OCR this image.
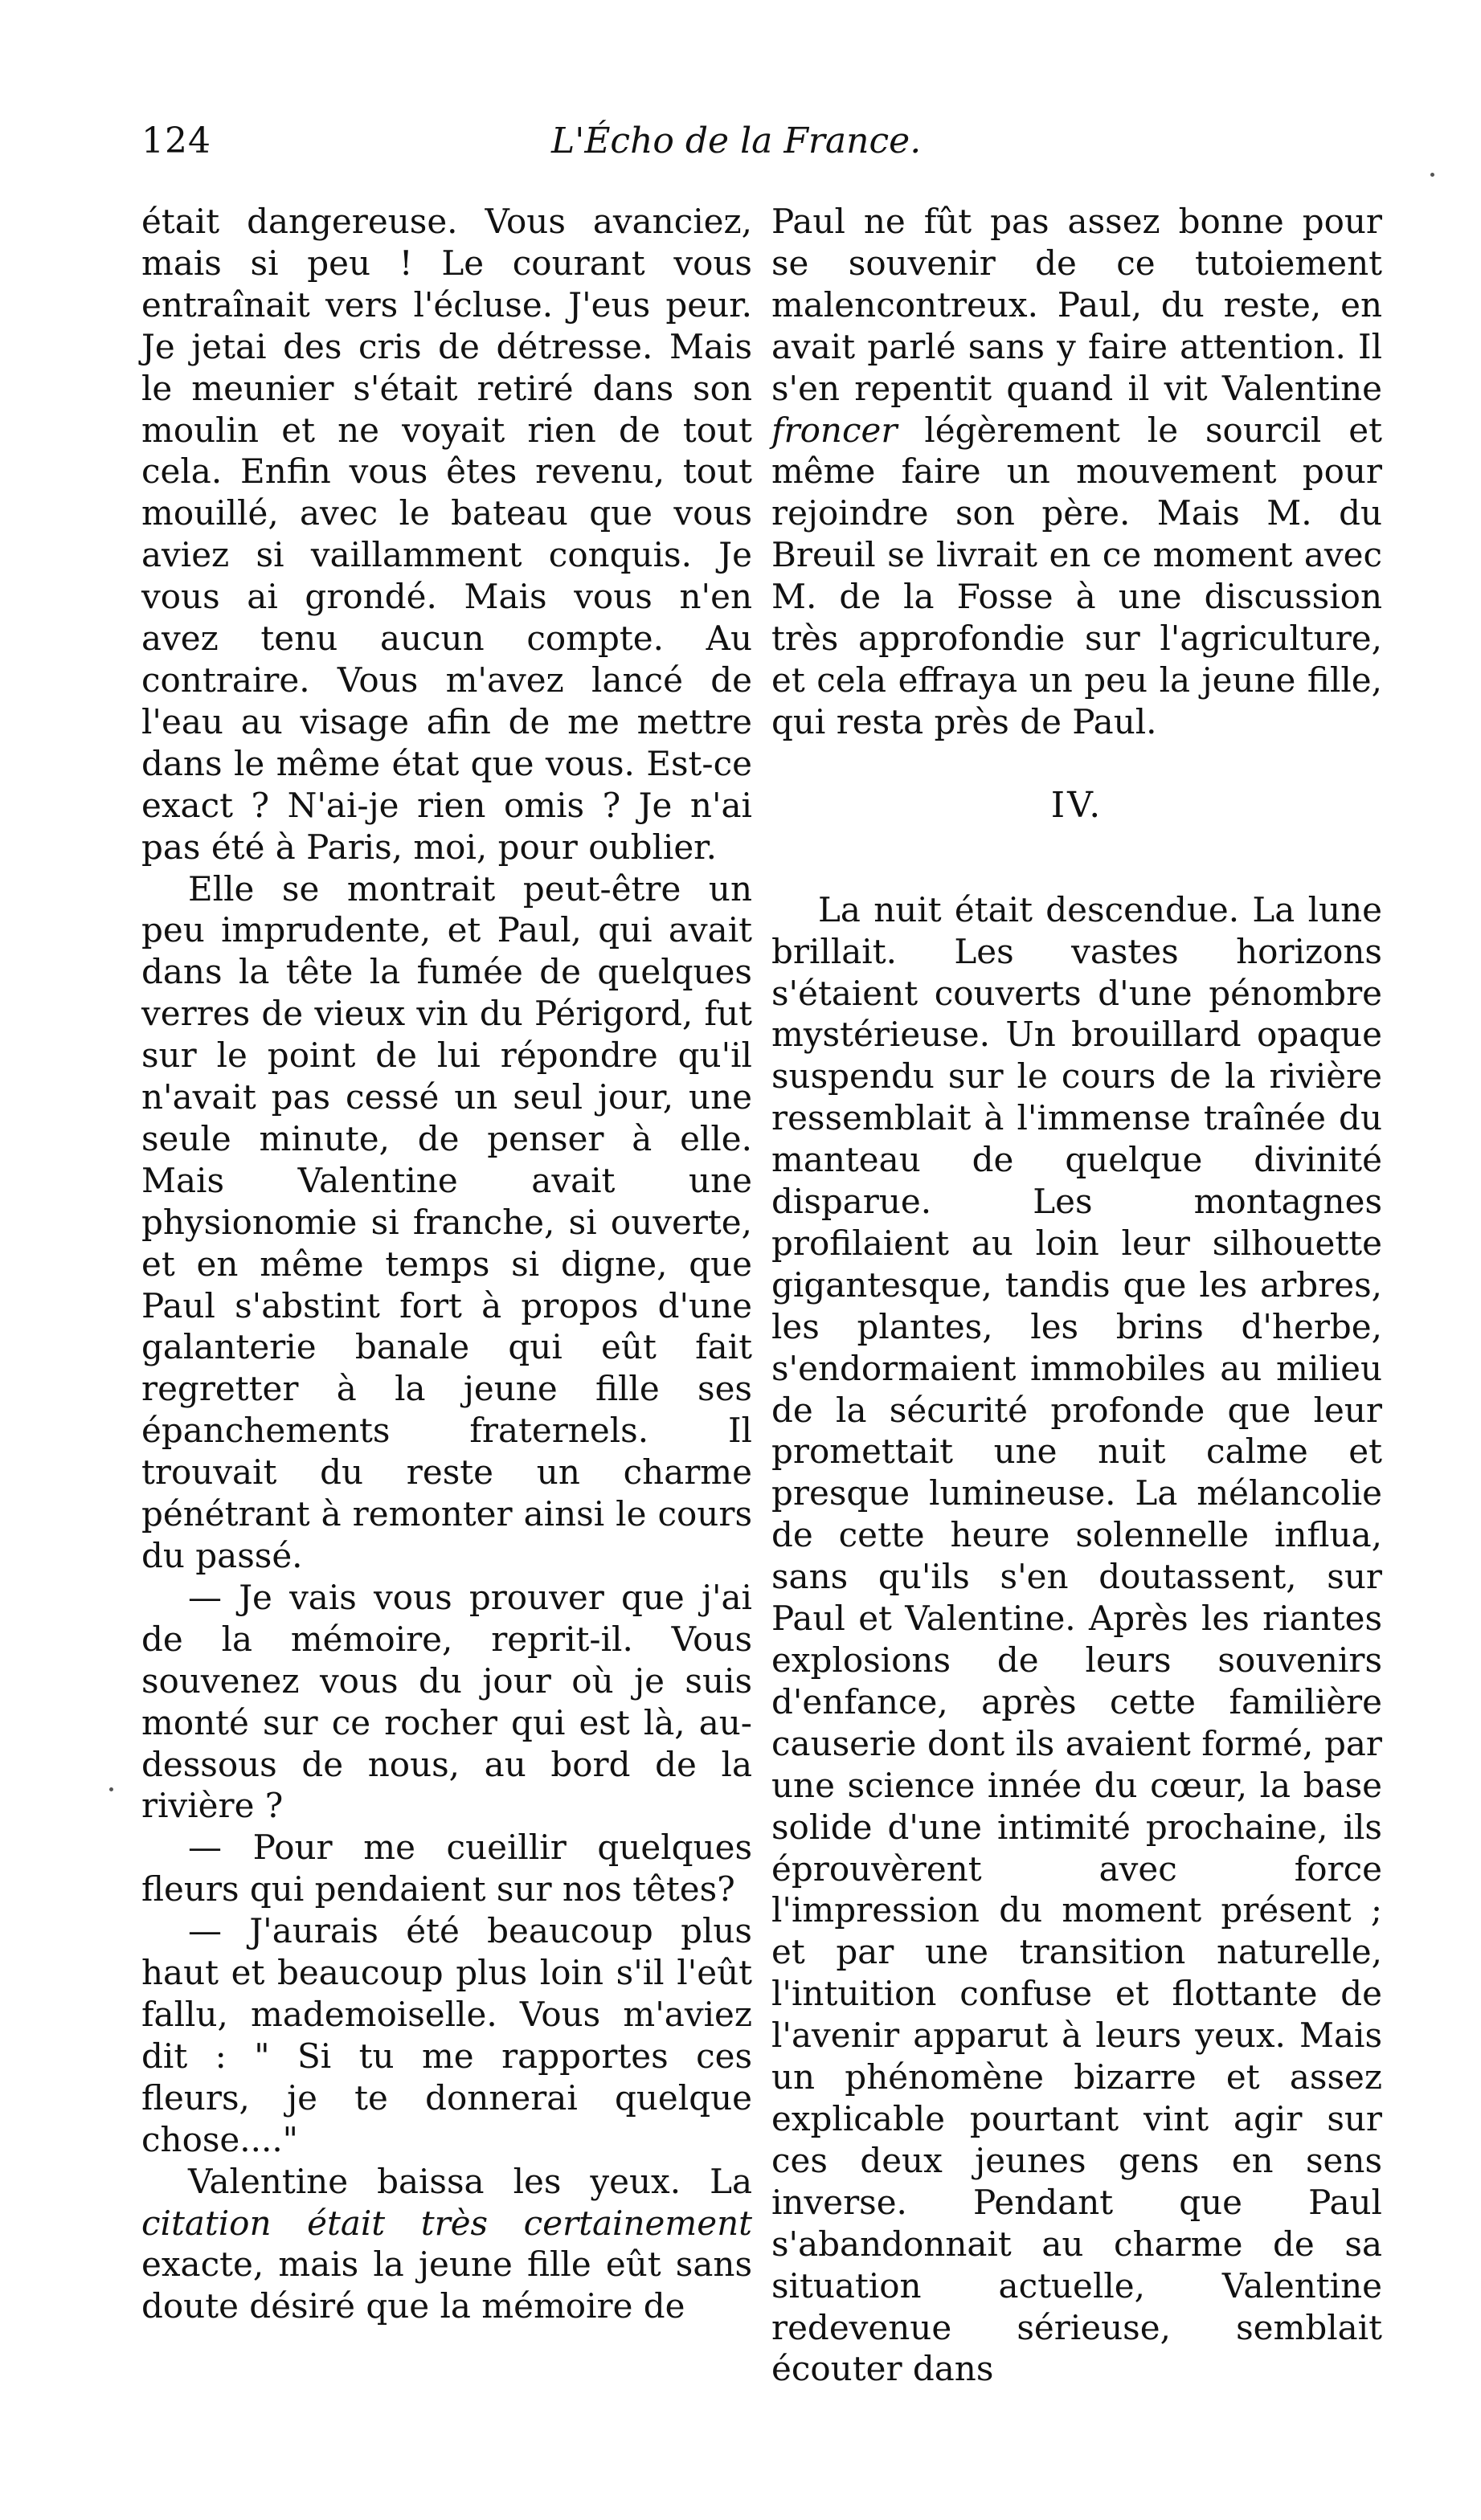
124	L'Écho de la France.

était dangereuse. Vous avanciez, mais si peu ! Le courant vous entraînait vers l'écluse. J'eus peur. Je jetai des cris de détresse. Mais le meunier s'était retiré dans son moulin et ne voyait rien de tout cela. Enfin vous êtes revenu, tout mouillé, avec le bateau que vous aviez si vaillamment conquis. Je vous ai grondé. Mais vous n'en avez tenu aucun compte. Au contraire. Vous m'avez lancé de l'eau au visage afin de me mettre dans le même état que vous. Est-ce exact ? N'ai-je rien omis ? Je n'ai pas été à Paris, moi, pour oublier.

Elle se montrait peut-être un peu imprudente, et Paul, qui avait dans la tête la fumée de quelques verres de vieux vin du Périgord, fut sur le point de lui répondre qu'il n'avait pas cessé un seul jour, une seule minute, de penser à elle. Mais Valentine avait une physionomie si franche, si ouverte, et en même temps si digne, que Paul s'abstint fort à propos d'une galanterie banale qui eût fait regretter à la jeune fille ses épanchements fraternels. Il trouvait du reste un charme pénétrant à remonter ainsi le cours du passé.

— Je vais vous prouver que j'ai de la mémoire, reprit-il. Vous souvenez vous du jour où je suis monté sur ce rocher qui est là, au-dessous de nous, au bord de la rivière ?

— Pour me cueillir quelques fleurs qui pendaient sur nos têtes?

— J'aurais été beaucoup plus haut et beaucoup plus loin s'il l'eût fallu, mademoiselle. Vous m'aviez dit : " Si tu me rapportes ces fleurs, je te donnerai quelque chose...."

Valentine baissa les yeux. La citation était très certainement exacte, mais la jeune fille eût sans doute désiré que la mémoire de

Paul ne fût pas assez bonne pour se souvenir de ce tutoiement malencontreux. Paul, du reste, en avait parlé sans y faire attention. Il s'en repentit quand il vit Valentine froncer légèrement le sourcil et même faire un mouvement pour rejoindre son père. Mais M. du Breuil se livrait en ce moment avec M. de la Fosse à une discussion très approfondie sur l'agriculture, et cela effraya un peu la jeune fille, qui resta près de Paul.

IV.

La nuit était descendue. La lune brillait. Les vastes horizons s'étaient couverts d'une pénombre mystérieuse. Un brouillard opaque suspendu sur le cours de la rivière ressemblait à l'immense traînée du manteau de quelque divinité disparue. Les montagnes profilaient au loin leur silhouette gigantesque, tandis que les arbres, les plantes, les brins d'herbe, s'endormaient immobiles au milieu de la sécurité profonde que leur promettait une nuit calme et presque lumineuse. La mélancolie de cette heure solennelle influa, sans qu'ils s'en doutassent, sur Paul et Valentine. Après les riantes explosions de leurs souvenirs d'enfance, après cette familière causerie dont ils avaient formé, par une science innée du cœur, la base solide d'une intimité prochaine, ils éprouvèrent avec force l'impression du moment présent ; et par une transition naturelle, l'intuition confuse et flottante de l'avenir apparut à leurs yeux. Mais un phénomène bizarre et assez explicable pourtant vint agir sur ces deux jeunes gens en sens inverse. Pendant que Paul s'abandonnait au charme de sa situation actuelle, Valentine redevenue sérieuse, semblait écouter dans
